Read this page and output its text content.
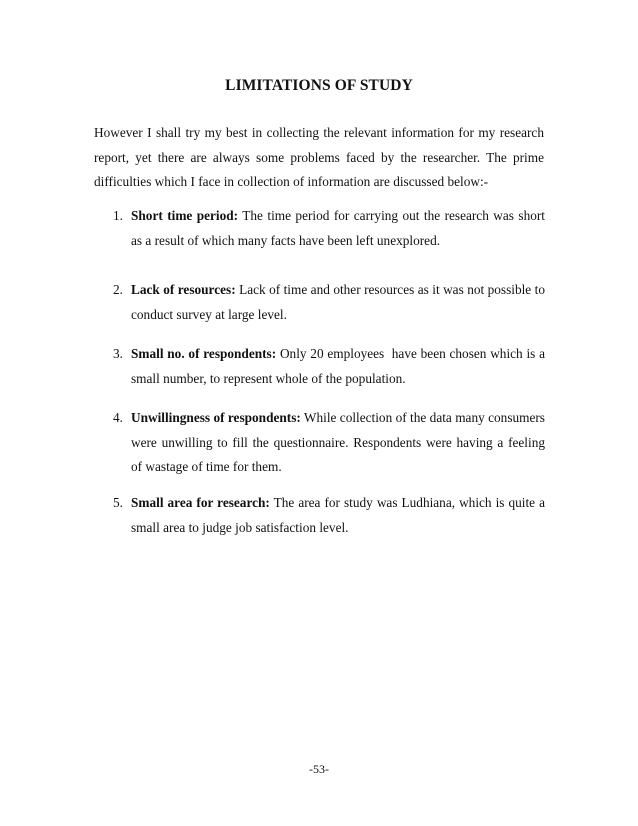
LIMITATIONS OF STUDY
However I shall try my best in collecting the relevant information for my research report, yet there are always some problems faced by the researcher. The prime difficulties which I face in collection of information are discussed below:-
1. Short time period: The time period for carrying out the research was short as a result of which many facts have been left unexplored.
2. Lack of resources: Lack of time and other resources as it was not possible to conduct survey at large level.
3. Small no. of respondents: Only 20 employees  have been chosen which is a small number, to represent whole of the population.
4. Unwillingness of respondents: While collection of the data many consumers were unwilling to fill the questionnaire. Respondents were having a feeling of wastage of time for them.
5. Small area for research: The area for study was Ludhiana, which is quite a small area to judge job satisfaction level.
-53-
